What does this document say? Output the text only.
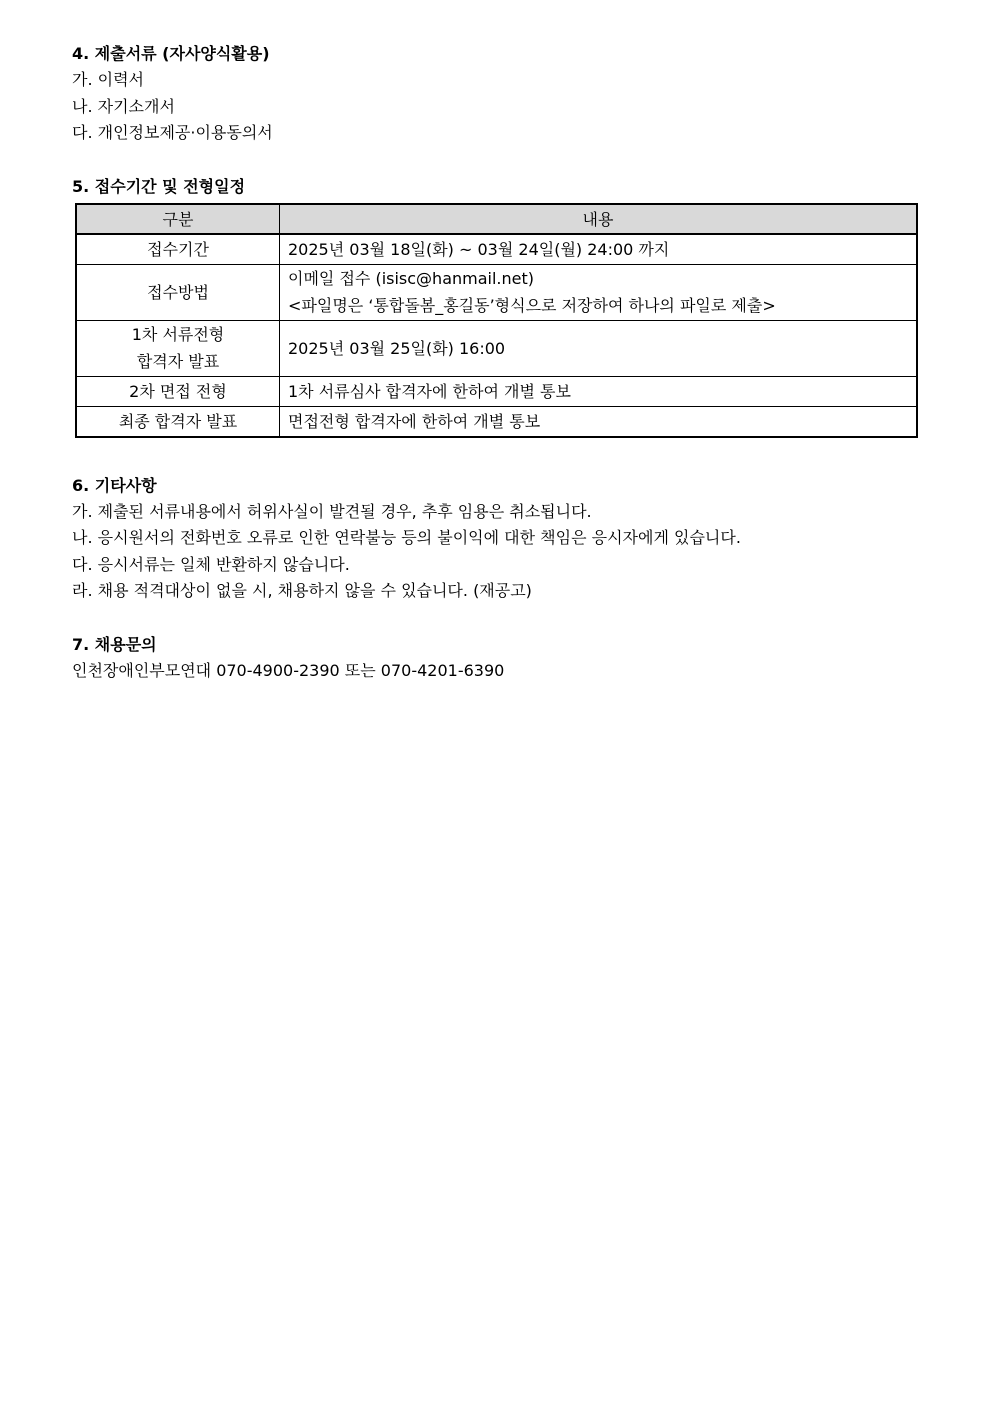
4. 제출서류 (자사양식활용)
가. 이력서
나. 자기소개서
다. 개인정보제공·이용동의서
5. 접수기간 및 전형일정
구분	내용

접수기간	2025년 03월 18일(화) ~ 03월 24일(월) 24:00 까지

접수방법	이메일 접수 (isisc@hanmail.net)
<파일명은 ‘통합돌봄_홍길동’형식으로 저장하여 하나의 파일로 제출>

1차 서류전형
합격자 발표	2025년 03월 25일(화) 16:00

2차 면접 전형	1차 서류심사 합격자에 한하여 개별 통보

최종 합격자 발표	면접전형 합격자에 한하여 개별 통보
6. 기타사항
가. 제출된 서류내용에서 허위사실이 발견될 경우, 추후 임용은 취소됩니다.
나. 응시원서의 전화번호 오류로 인한 연락불능 등의 불이익에 대한 책임은 응시자에게 있습니다.
다. 응시서류는 일체 반환하지 않습니다.
라. 채용 적격대상이 없을 시, 채용하지 않을 수 있습니다. (재공고)
7. 채용문의
인천장애인부모연대 070-4900-2390 또는 070-4201-6390
